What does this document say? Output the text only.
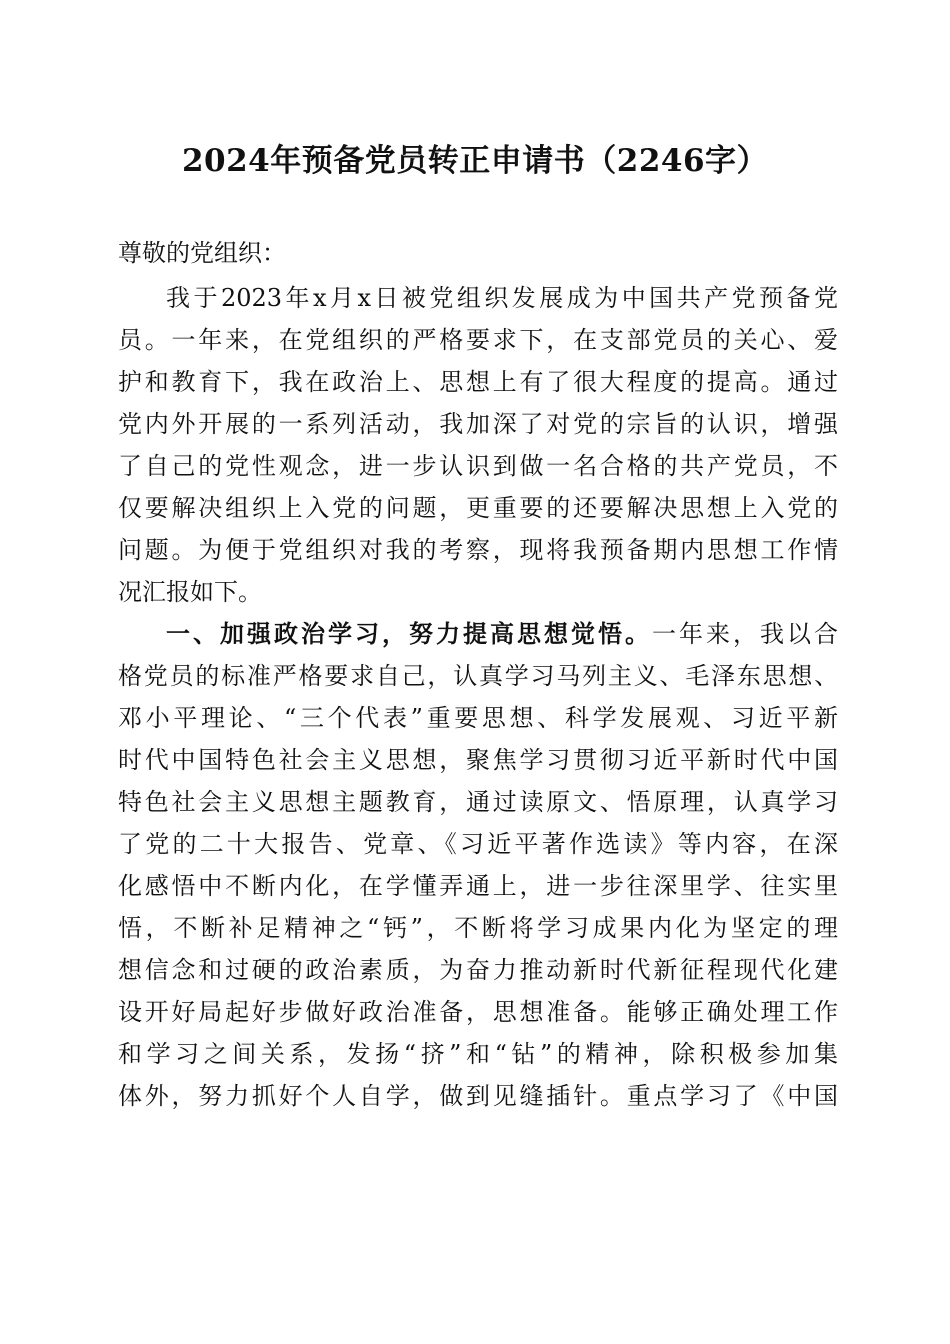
2024年预备党员转正申请书（2246字）
尊敬的党组织：
我于2023年x月x日被党组织发展成为中国共产党预备党
员。一年来，在党组织的严格要求下，在支部党员的关心、爱
护和教育下，我在政治上、思想上有了很大程度的提高。通过
党内外开展的一系列活动，我加深了对党的宗旨的认识，增强
了自己的党性观念，进一步认识到做一名合格的共产党员，不
仅要解决组织上入党的问题，更重要的还要解决思想上入党的
问题。为便于党组织对我的考察，现将我预备期内思想工作情
况汇报如下。
一、加强政治学习，努力提高思想觉悟。一年来，我以合
格党员的标准严格要求自己，认真学习马列主义、毛泽东思想、
邓小平理论、“三个代表”重要思想、科学发展观、习近平新
时代中国特色社会主义思想，聚焦学习贯彻习近平新时代中国
特色社会主义思想主题教育，通过读原文、悟原理，认真学习
了党的二十大报告、党章、《习近平著作选读》等内容，在深
化感悟中不断内化，在学懂弄通上，进一步往深里学、往实里
悟，不断补足精神之“钙”，不断将学习成果内化为坚定的理
想信念和过硬的政治素质，为奋力推动新时代新征程现代化建
设开好局起好步做好政治准备，思想准备。能够正确处理工作
和学习之间关系，发扬“挤”和“钻”的精神，除积极参加集
体外，努力抓好个人自学，做到见缝插针。重点学习了《中国
